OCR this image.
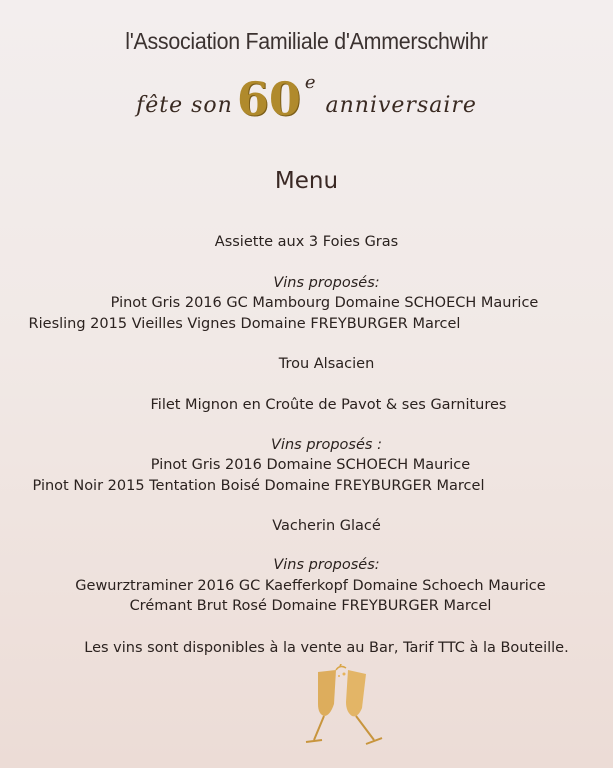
l'Association Familiale d'Ammerschwihr
fête son 60 e
anniversaire
Menu
Assiette aux 3 Foies Gras
Vins proposés:
Pinot Gris 2016 GC Mambourg Domaine SCHOECH Maurice
Riesling 2015 Vieilles Vignes Domaine FREYBURGER Marcel
Trou Alsacien
Filet Mignon en Croûte de Pavot & ses Garnitures
Vins proposés :
Pinot Gris 2016 Domaine SCHOECH Maurice
Pinot Noir 2015 Tentation Boisé Domaine FREYBURGER Marcel
Vacherin Glacé
Vins proposés:
Gewurztraminer 2016 GC Kaefferkopf Domaine Schoech Maurice
Crémant Brut Rosé Domaine FREYBURGER Marcel
Les vins sont disponibles à la vente au Bar, Tarif TTC à la Bouteille.
